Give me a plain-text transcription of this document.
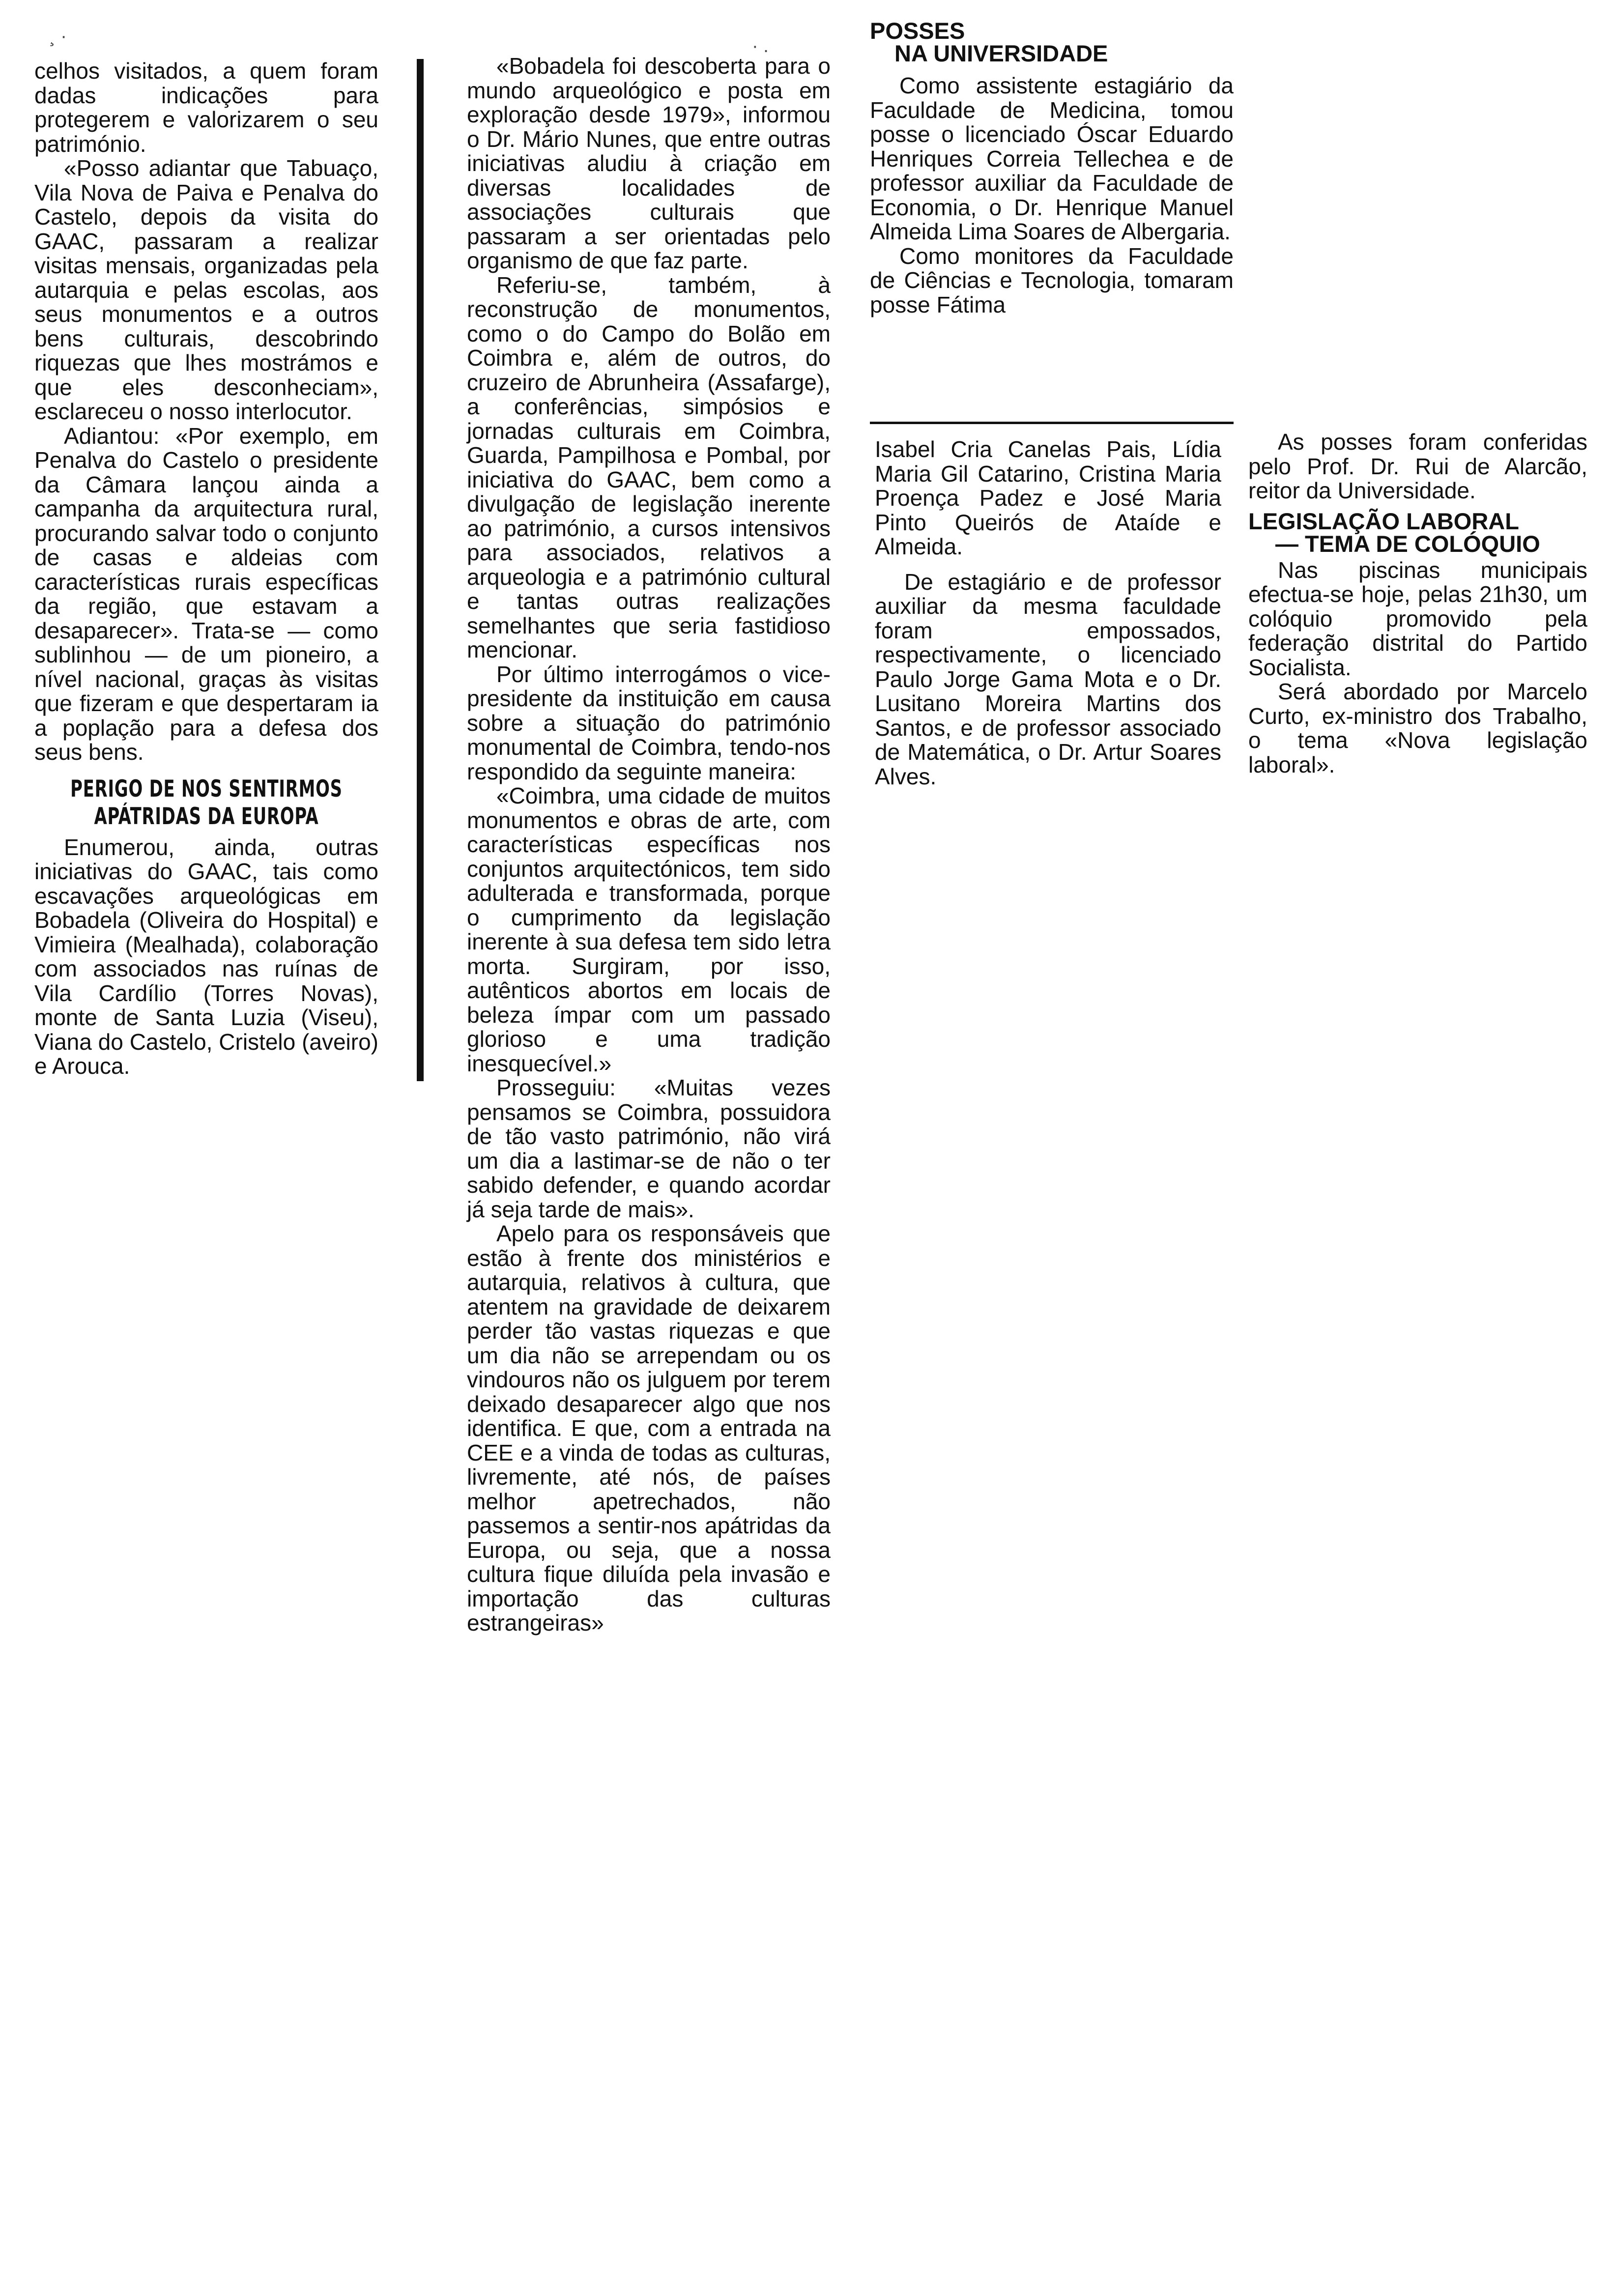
¸ ·	· .

celhos visitados, a quem foram dadas indicações para protegerem e valorizarem o seu património.

«Posso adiantar que Tabuaço, Vila Nova de Paiva e Penalva do Castelo, depois da visita do GAAC, passaram a realizar visitas mensais, organizadas pela autarquia e pelas escolas, aos seus monumentos e a outros bens culturais, descobrindo riquezas que lhes mostrámos e que eles desconheciam», esclareceu o nosso interlocutor.

Adiantou: «Por exemplo, em Penalva do Castelo o presidente da Câmara lançou ainda a campanha da arquitectura rural, procurando salvar todo o conjunto de casas e aldeias com características rurais específicas da região, que estavam a desaparecer». Trata-se — como sublinhou — de um pioneiro, a nível nacional, graças às visitas que fizeram e que despertaram ia a poplação para a defesa dos seus bens.

PERIGO DE NOS SENTIRMOS APÁTRIDAS DA EUROPA

Enumerou, ainda, outras iniciativas do GAAC, tais como escavações arqueológicas em Bobadela (Oliveira do Hospital) e Vimieira (Mealhada), colaboração com associados nas ruínas de Vila Cardílio (Torres Novas), monte de Santa Luzia (Viseu), Viana do Castelo, Cristelo (aveiro) e Arouca.

«Bobadela foi descoberta para o mundo arqueológico e posta em exploração desde 1979», informou o Dr. Mário Nunes, que entre outras iniciativas aludiu à criação em diversas localidades de associações culturais que passaram a ser orientadas pelo organismo de que faz parte.

Referiu-se, também, à reconstrução de monumentos, como o do Campo do Bolão em Coimbra e, além de outros, do cruzeiro de Abrunheira (Assafarge), a conferências, simpósios e jornadas culturais em Coimbra, Guarda, Pampilhosa e Pombal, por iniciativa do GAAC, bem como a divulgação de legislação inerente ao património, a cursos intensivos para associados, relativos a arqueologia e a património cultural e tantas outras realizações semelhantes que seria fastidioso mencionar.

Por último interrogámos o vice-presidente da instituição em causa sobre a situação do património monumental de Coimbra, tendo-nos respondido da seguinte maneira:

«Coimbra, uma cidade de muitos monumentos e obras de arte, com características específicas nos conjuntos arquitectónicos, tem sido adulterada e transformada, porque o cumprimento da legislação inerente à sua defesa tem sido letra morta. Surgiram, por isso, autênticos abortos em locais de beleza ímpar com um passado glorioso e uma tradição inesquecível.»

Prosseguiu: «Muitas vezes pensamos se Coimbra, possuidora de tão vasto património, não virá um dia a lastimar-se de não o ter sabido defender, e quando acordar já seja tarde de mais».

Apelo para os responsáveis que estão à frente dos ministérios e autarquia, relativos à cultura, que atentem na gravidade de deixarem perder tão vastas riquezas e que um dia não se arrependam ou os vindouros não os julguem por terem deixado desaparecer algo que nos identifica. E que, com a entrada na CEE e a vinda de todas as culturas, livremente, até nós, de países melhor apetrechados, não passemos a sentir-nos apátridas da Europa, ou seja, que a nossa cultura fique diluída pela invasão e importação das culturas estrangeiras»

POSSES
NA UNIVERSIDADE

Como assistente estagiário da Faculdade de Medicina, tomou posse o licenciado Óscar Eduardo Henriques Correia Tellechea e de professor auxiliar da Faculdade de Economia, o Dr. Henrique Manuel Almeida Lima Soares de Albergaria.

Como monitores da Faculdade de Ciências e Tecnologia, tomaram posse Fátima

Isabel Cria Canelas Pais, Lídia Maria Gil Catarino, Cristina Maria Proença Padez e José Maria Pinto Queirós de Ataíde e Almeida.

De estagiário e de professor auxiliar da mesma faculdade foram empossados, respectivamente, o licenciado Paulo Jorge Gama Mota e o Dr. Lusitano Moreira Martins dos Santos, e de professor associado de Matemática, o Dr. Artur Soares Alves.

As posses foram conferidas pelo Prof. Dr. Rui de Alarcão, reitor da Universidade.

LEGISLAÇÃO LABORAL
— TEMA DE COLÓQUIO

Nas piscinas municipais efectua-se hoje, pelas 21h30, um colóquio promovido pela federação distrital do Partido Socialista.

Será abordado por Marcelo Curto, ex-ministro dos Trabalho, o tema «Nova legislação laboral».
